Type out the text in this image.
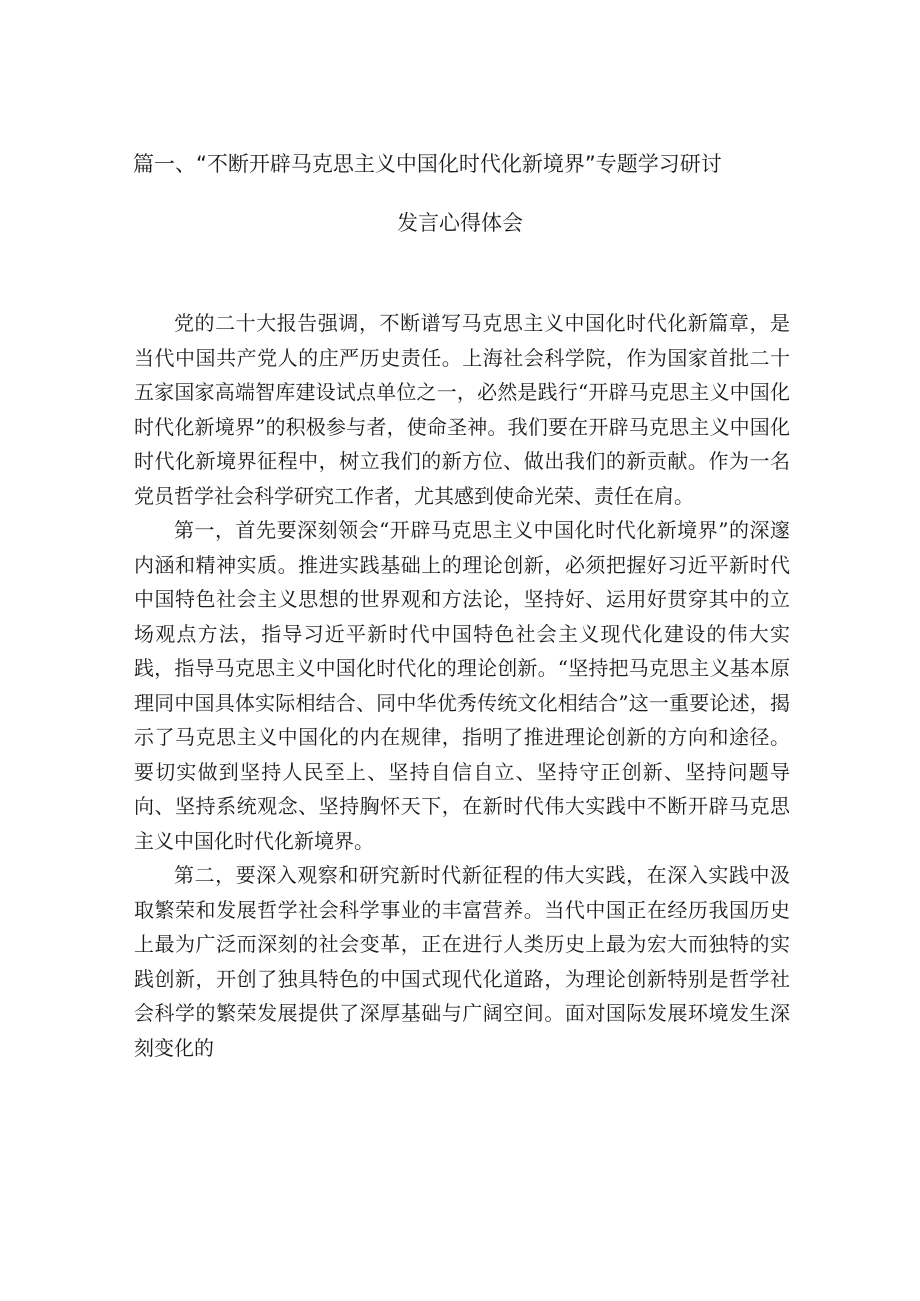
篇一、“不断开辟马克思主义中国化时代化新境界”专题学习研讨
发言心得体会

党的二十大报告强调，不断谱写马克思主义中国化时代化新篇章，是当代中国共产党人的庄严历史责任。上海社会科学院，作为国家首批二十五家国家高端智库建设试点单位之一，必然是践行“开辟马克思主义中国化时代化新境界”的积极参与者，使命圣神。我们要在开辟马克思主义中国化时代化新境界征程中，树立我们的新方位、做出我们的新贡献。作为一名党员哲学社会科学研究工作者，尤其感到使命光荣、责任在肩。

第一，首先要深刻领会“开辟马克思主义中国化时代化新境界”的深邃内涵和精神实质。推进实践基础上的理论创新，必须把握好习近平新时代中国特色社会主义思想的世界观和方法论，坚持好、运用好贯穿其中的立场观点方法，指导习近平新时代中国特色社会主义现代化建设的伟大实践，指导马克思主义中国化时代化的理论创新。“坚持把马克思主义基本原理同中国具体实际相结合、同中华优秀传统文化相结合”这一重要论述，揭示了马克思主义中国化的内在规律，指明了推进理论创新的方向和途径。要切实做到坚持人民至上、坚持自信自立、坚持守正创新、坚持问题导向、坚持系统观念、坚持胸怀天下，在新时代伟大实践中不断开辟马克思主义中国化时代化新境界。

第二，要深入观察和研究新时代新征程的伟大实践，在深入实践中汲取繁荣和发展哲学社会科学事业的丰富营养。当代中国正在经历我国历史上最为广泛而深刻的社会变革，正在进行人类历史上最为宏大而独特的实践创新，开创了独具特色的中国式现代化道路，为理论创新特别是哲学社会科学的繁荣发展提供了深厚基础与广阔空间。面对国际发展环境发生深刻变化的
